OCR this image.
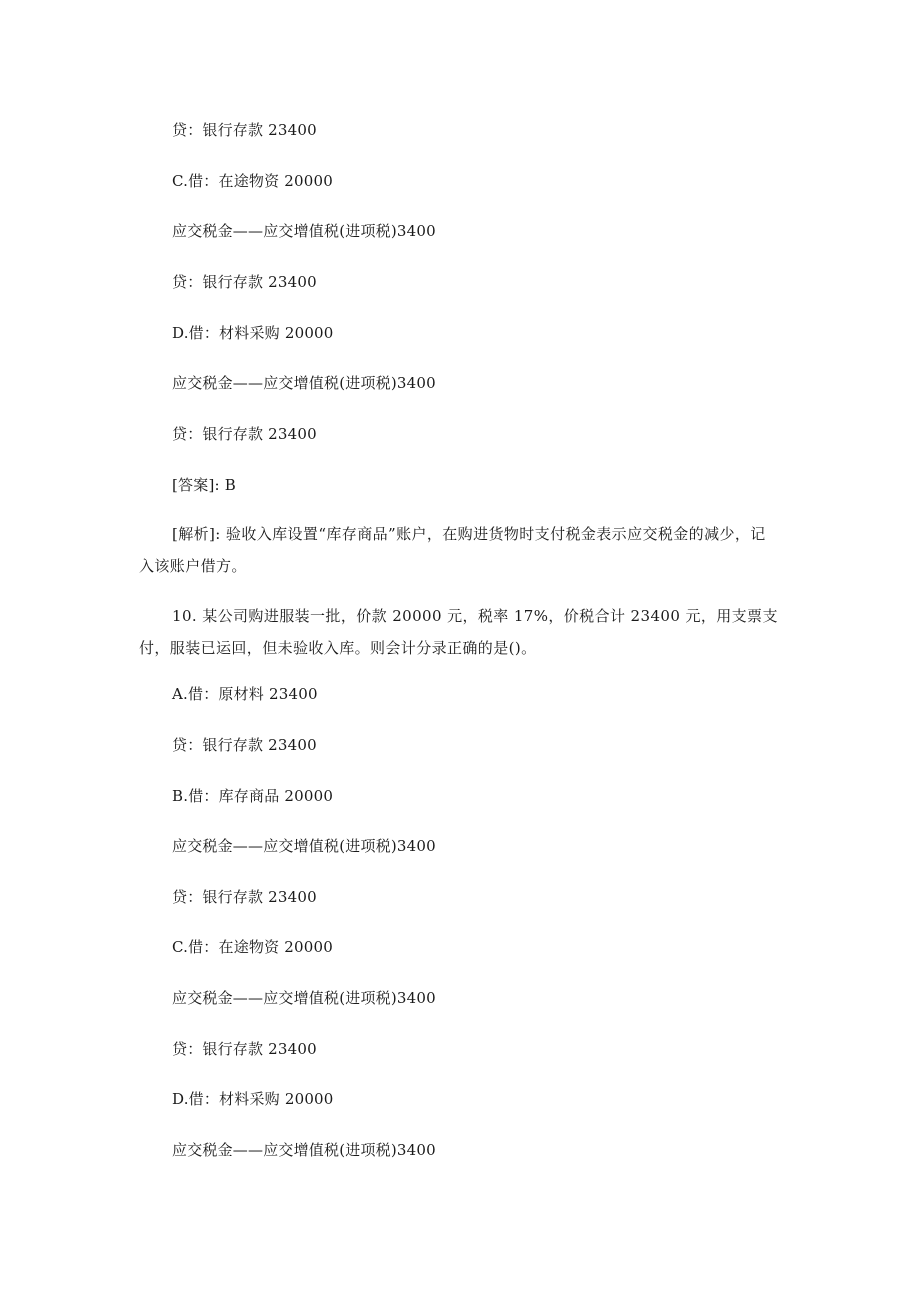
贷：银行存款 23400
C.借：在途物资 20000
应交税金——应交增值税(进项税)3400
贷：银行存款 23400
D.借：材料采购 20000
应交税金——应交增值税(进项税)3400
贷：银行存款 23400
[答案]: B
[解析]: 验收入库设置“库存商品”账户，在购进货物时支付税金表示应交税金的减少，记入该账户借方。
10. 某公司购进服装一批，价款 20000 元，税率 17%，价税合计 23400 元，用支票支付，服装已运回，但未验收入库。则会计分录正确的是()。
A.借：原材料 23400
贷：银行存款 23400
B.借：库存商品 20000
应交税金——应交增值税(进项税)3400
贷：银行存款 23400
C.借：在途物资 20000
应交税金——应交增值税(进项税)3400
贷：银行存款 23400
D.借：材料采购 20000
应交税金——应交增值税(进项税)3400
